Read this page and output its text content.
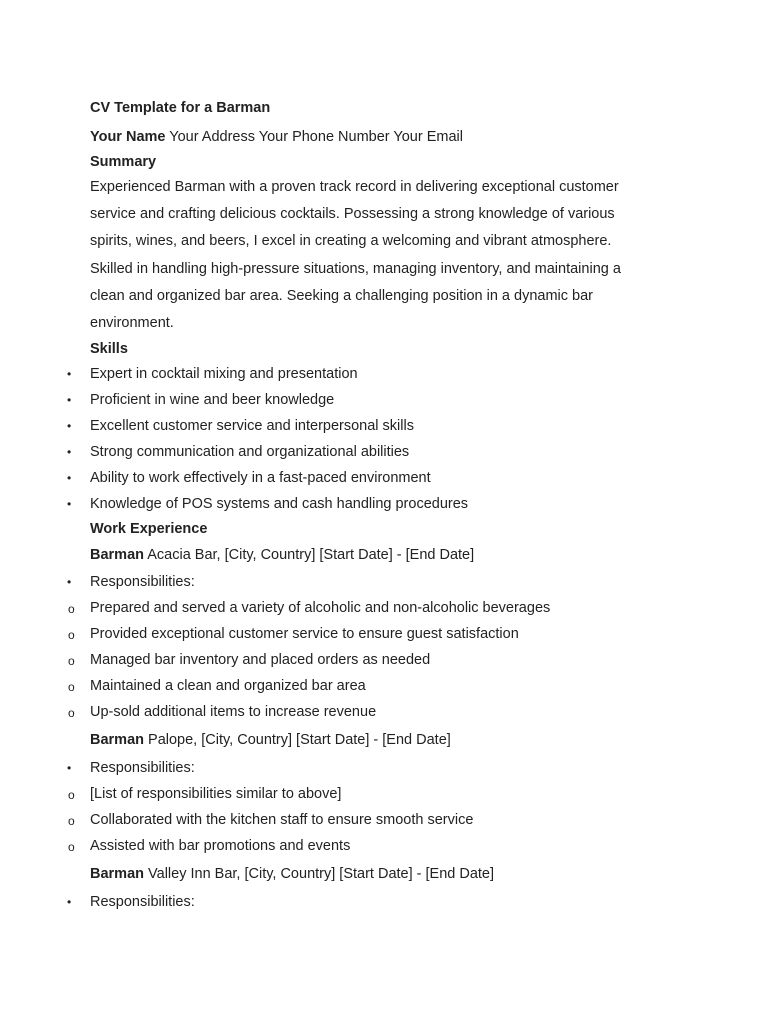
CV Template for a Barman
Your Name Your Address Your Phone Number Your Email
Summary
Experienced Barman with a proven track record in delivering exceptional customer
service and crafting delicious cocktails. Possessing a strong knowledge of various
spirits, wines, and beers, I excel in creating a welcoming and vibrant atmosphere.
Skilled in handling high-pressure situations, managing inventory, and maintaining a
clean and organized bar area. Seeking a challenging position in a dynamic bar
environment.
Skills
• Expert in cocktail mixing and presentation
• Proficient in wine and beer knowledge
• Excellent customer service and interpersonal skills
• Strong communication and organizational abilities
• Ability to work effectively in a fast-paced environment
• Knowledge of POS systems and cash handling procedures
Work Experience
Barman Acacia Bar, [City, Country] [Start Date] - [End Date]
• Responsibilities:
o Prepared and served a variety of alcoholic and non-alcoholic beverages
o Provided exceptional customer service to ensure guest satisfaction
o Managed bar inventory and placed orders as needed
o Maintained a clean and organized bar area
o Up-sold additional items to increase revenue
Barman Palope, [City, Country] [Start Date] - [End Date]
• Responsibilities:
o [List of responsibilities similar to above]
o Collaborated with the kitchen staff to ensure smooth service
o Assisted with bar promotions and events
Barman Valley Inn Bar, [City, Country] [Start Date] - [End Date]
• Responsibilities:
